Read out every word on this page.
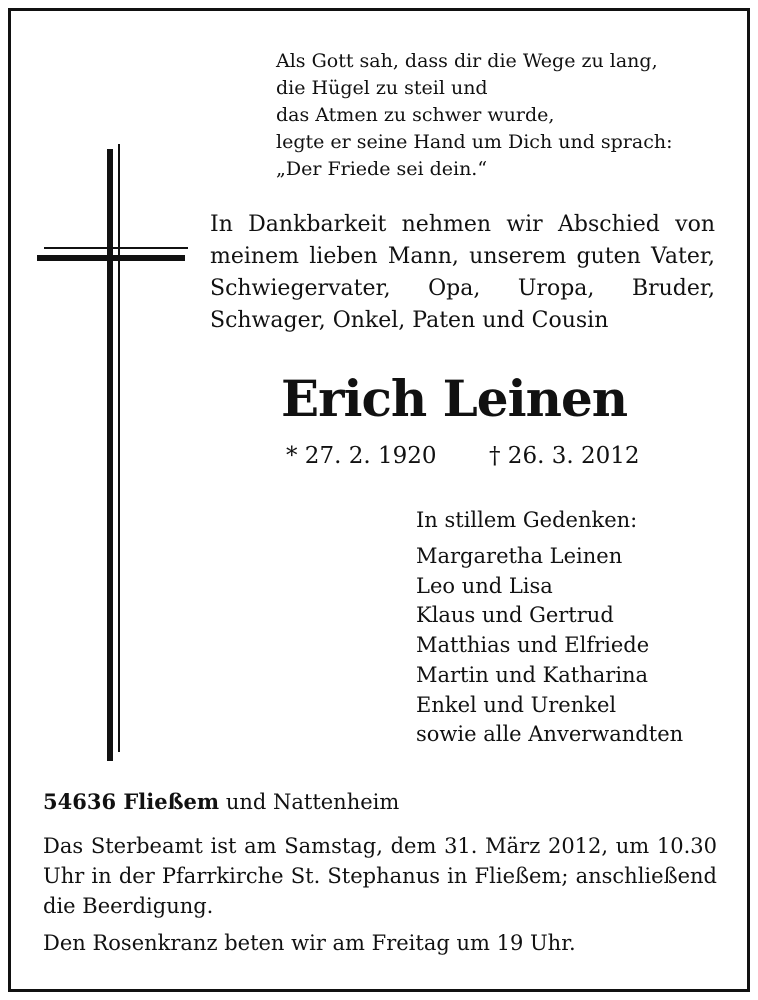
Als Gott sah, dass dir die Wege zu lang,
die Hügel zu steil und
das Atmen zu schwer wurde,
legte er seine Hand um Dich und sprach:
„Der Friede sei dein.“
In Dankbarkeit nehmen wir Abschied von meinem lieben Mann, unserem guten Vater, Schwiegervater, Opa, Uropa, Bruder, Schwager, Onkel, Paten und Cousin
Erich Leinen
* 27. 2. 1920 † 26. 3. 2012
In stillem Gedenken:
Margaretha Leinen
Leo und Lisa
Klaus und Gertrud
Matthias und Elfriede
Martin und Katharina
Enkel und Urenkel
sowie alle Anverwandten
54636 Fließem und Nattenheim
Das Sterbeamt ist am Samstag, dem 31. März 2012, um 10.30 Uhr in der Pfarrkirche St. Stephanus in Fließem; anschließend die Beerdigung.
Den Rosenkranz beten wir am Freitag um 19 Uhr.
